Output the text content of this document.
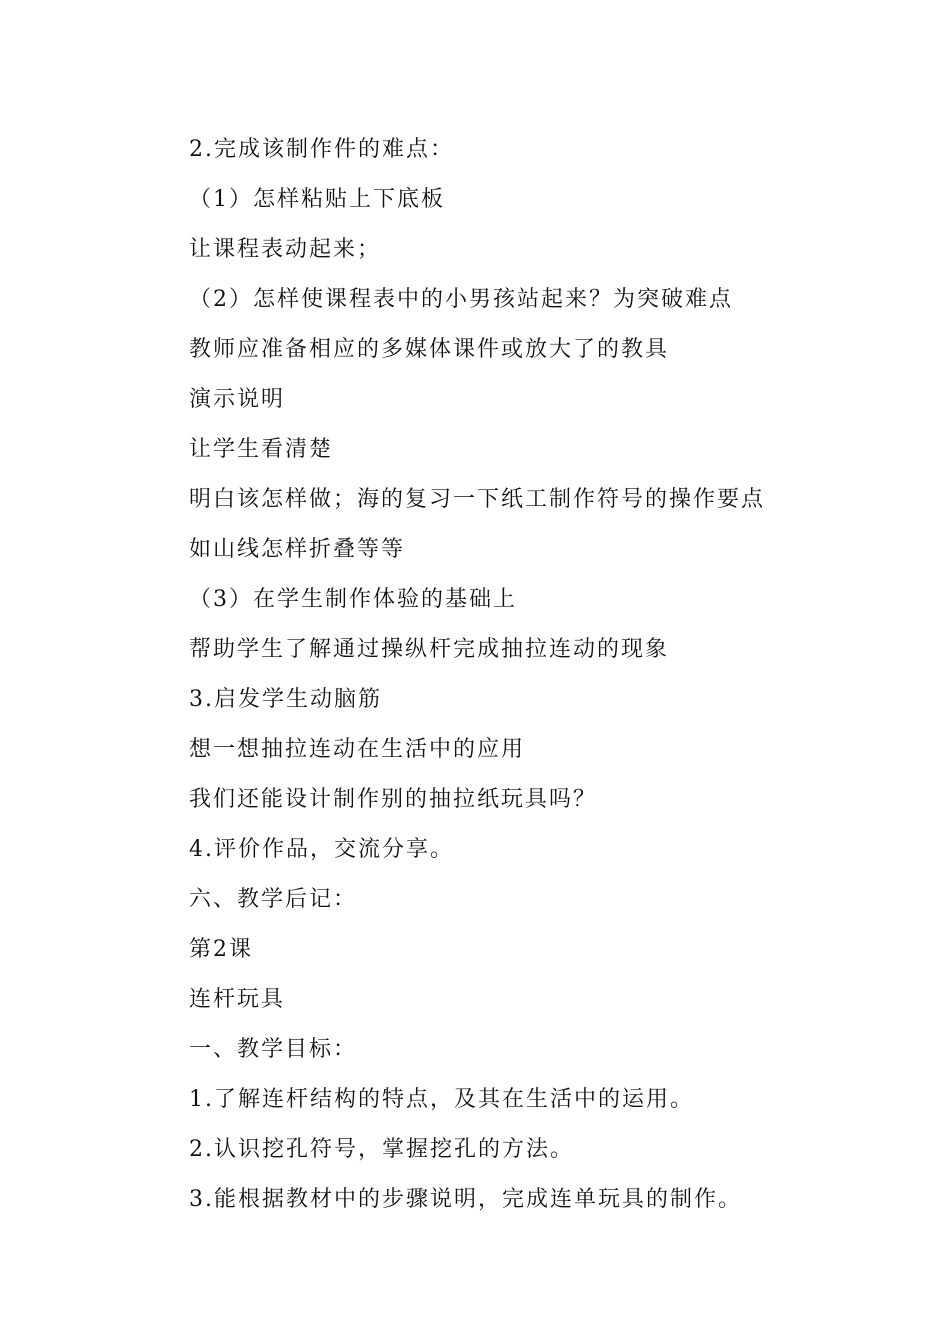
2.完成该制作件的难点：
（1）怎样粘贴上下底板
让课程表动起来；
（2）怎样使课程表中的小男孩站起来？为突破难点
教师应准备相应的多媒体课件或放大了的教具
演示说明
让学生看清楚
明白该怎样做；海的复习一下纸工制作符号的操作要点
如山线怎样折叠等等
（3）在学生制作体验的基础上
帮助学生了解通过操纵杆完成抽拉连动的现象
3.启发学生动脑筋
想一想抽拉连动在生活中的应用
我们还能设计制作别的抽拉纸玩具吗？
4.评价作品，交流分享。
六、教学后记：
第2课
连杆玩具
一、教学目标：
1.了解连杆结构的特点，及其在生活中的运用。
2.认识挖孔符号，掌握挖孔的方法。
3.能根据教材中的步骤说明，完成连单玩具的制作。
